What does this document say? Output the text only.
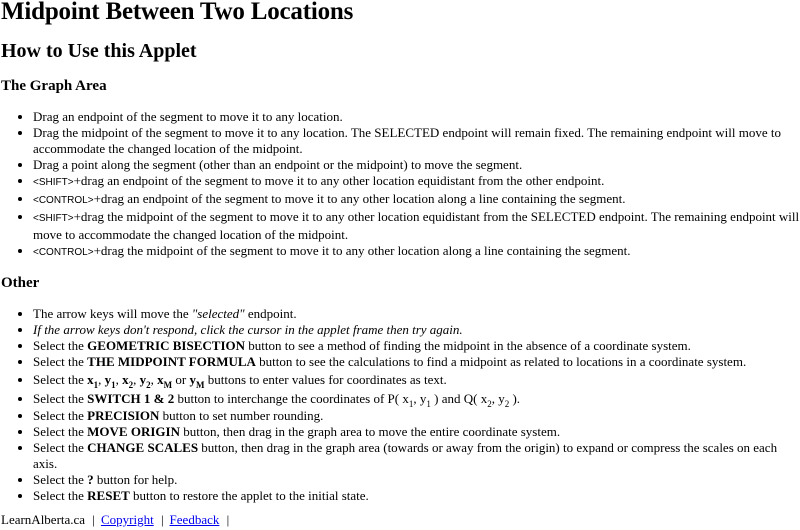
Midpoint Between Two Locations
How to Use this Applet
The Graph Area
• Drag an endpoint of the segment to move it to any location.
• Drag the midpoint of the segment to move it to any location. The SELECTED endpoint will remain fixed. The remaining endpoint will move to accommodate the changed location of the midpoint.
• Drag a point along the segment (other than an endpoint or the midpoint) to move the segment.
• <SHIFT>+drag an endpoint of the segment to move it to any other location equidistant from the other endpoint.
• <CONTROL>+drag an endpoint of the segment to move it to any other location along a line containing the segment.
• <SHIFT>+drag the midpoint of the segment to move it to any other location equidistant from the SELECTED endpoint. The remaining endpoint will move to accommodate the changed location of the midpoint.
• <CONTROL>+drag the midpoint of the segment to move it to any other location along a line containing the segment.
Other
• The arrow keys will move the "selected" endpoint.
• If the arrow keys don't respond, click the cursor in the applet frame then try again.
• Select the GEOMETRIC BISECTION button to see a method of finding the midpoint in the absence of a coordinate system.
• Select the THE MIDPOINT FORMULA button to see the calculations to find a midpoint as related to locations in a coordinate system.
• Select the $x_1$, $y_1$, $x_2$, $y_2$, $x_M$ or $y_M$ buttons to enter values for coordinates as text.
• Select the SWITCH 1 & 2 button to interchange the coordinates of P( $x_1$, $y_1$ ) and Q( $x_2$, $y_2$ ).
• Select the PRECISION button to set number rounding.
• Select the MOVE ORIGIN button, then drag in the graph area to move the entire coordinate system.
• Select the CHANGE SCALES button, then drag in the graph area (towards or away from the origin) to expand or compress the scales on each axis.
• Select the ? button for help.
• Select the RESET button to restore the applet to the initial state.
LearnAlberta.ca | Copyright | Feedback |
